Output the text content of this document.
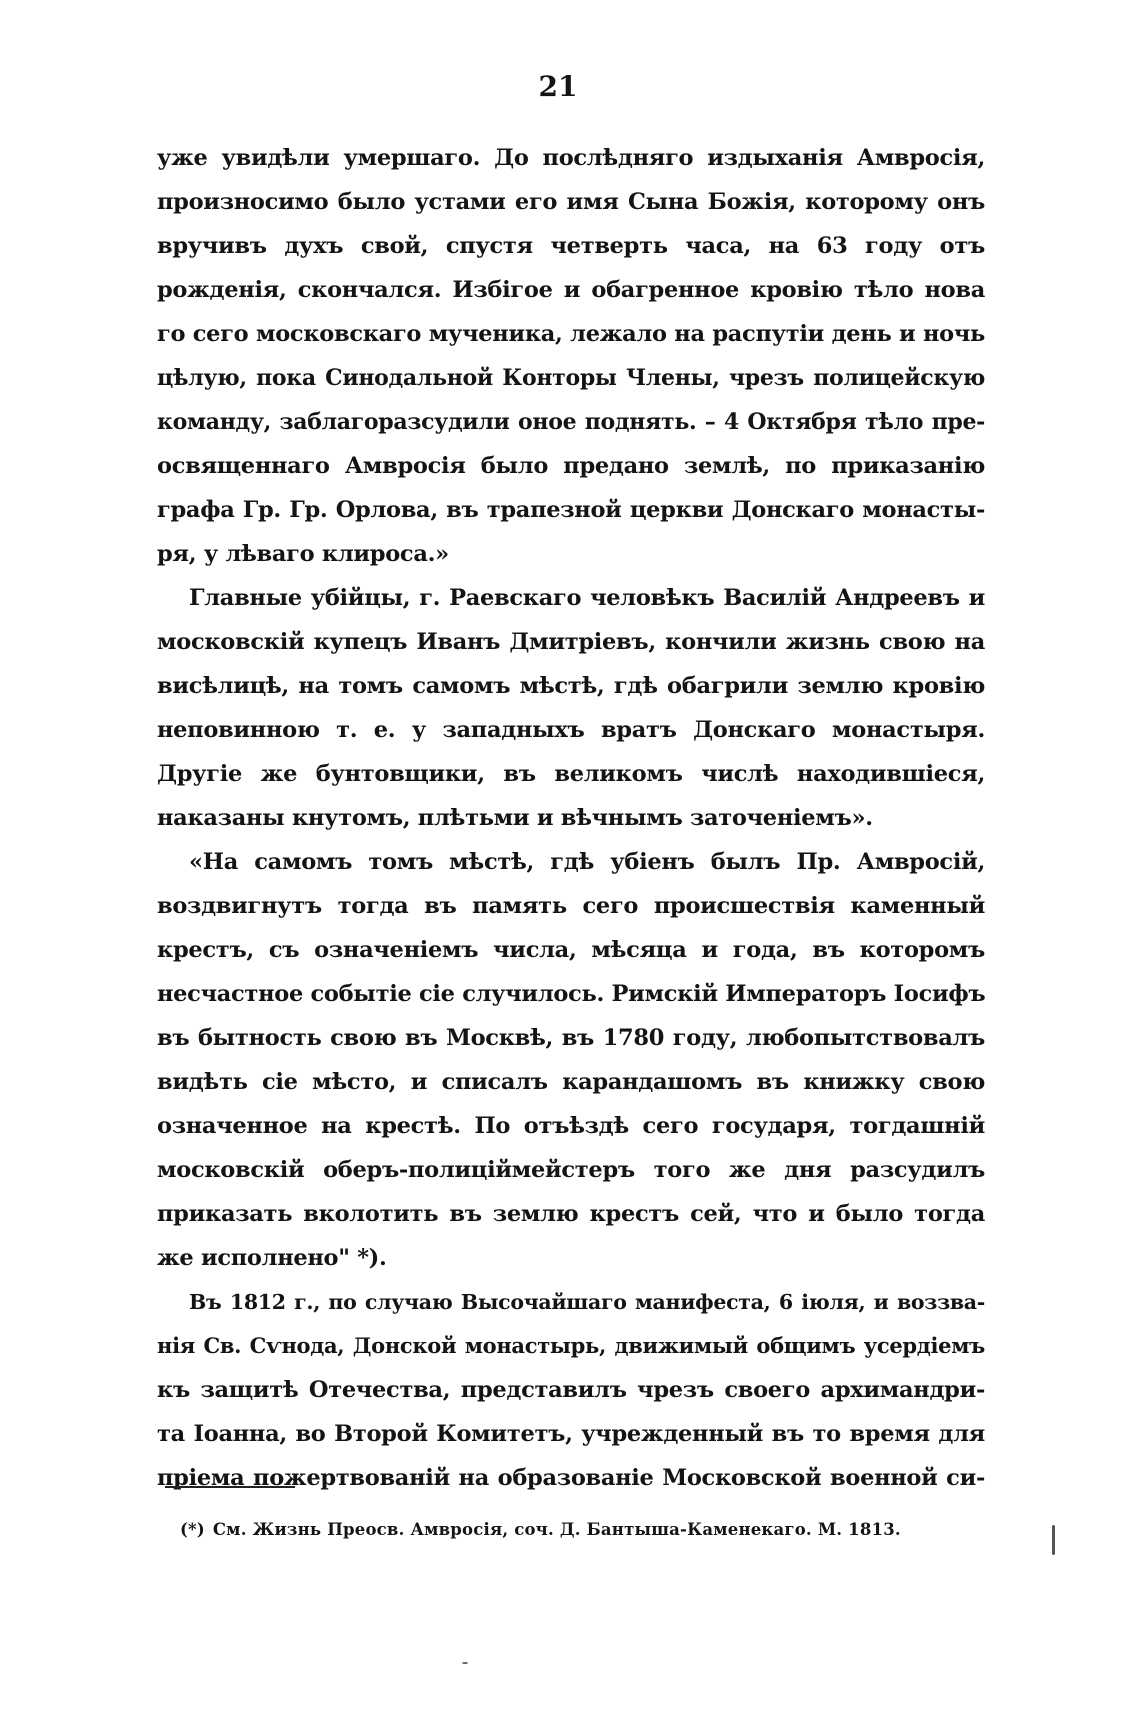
21
уже увидѣли умершаго. До послѣдняго издыханія Амвросія,
произносимо было устами его имя Сына Божія, которому онъ
вручивъ духъ свой, спустя четверть часа, на 63 году отъ
рожденія, скончался. Избiгое и обагренное кровію тѣло нова
го сего московскаго мученика, лежало на распутіи день и ночь
цѣлую, пока Синодальной Конторы Члены, чрезъ полицейскую
команду, заблагоразсудили оное поднять. – 4 Октября тѣло пре-
освященнаго Амвросія было предано землѣ, по приказанію
графа Гр. Гр. Орлова, въ трапезной церкви Донскаго монасты-
ря, у лѣваго клироса.»
Главные убійцы, г. Раевскаго человѣкъ Василій Андреевъ и
московскій купецъ Иванъ Дмитріевъ, кончили жизнь свою на
висѣлицѣ, на томъ самомъ мѣстѣ, гдѣ обагрили землю кровію
неповинною т. е. у западныхъ вратъ Донскаго монастыря.
Другіе же бунтовщики, въ великомъ числѣ находившіеся,
наказаны кнутомъ, плѣтьми и вѣчнымъ заточеніемъ».
«На самомъ томъ мѣстѣ, гдѣ убіенъ былъ Пр. Амвросій,
воздвигнутъ тогда въ память сего происшествія каменный
крестъ, съ означеніемъ числа, мѣсяца и года, въ которомъ
несчастное событіе сіе случилось. Римскій Императоръ Іосифъ
въ бытность свою въ Москвѣ, въ 1780 году, любопытствовалъ
видѣть сіе мѣсто, и списалъ карандашомъ въ книжку свою
означенное на крестѣ. По отъѣздѣ сего государя, тогдашній
московскій оберъ-полицiймейстеръ того же дня разсудилъ
приказать вколотить въ землю крестъ сей, что и было тогда
же исполнено" *).
Въ 1812 г., по случаю Высочайшаго манифеста, 6 іюля, и воззва-
нія Св. Сѵнода, Донской монастырь, движимый общимъ усердіемъ
къ защитѣ Отечества, представилъ чрезъ своего архимандри-
та Іоанна, во Второй Комитетъ, учрежденный въ то время для
пріема пожертвованій на образованіе Московской военной си-
(*) См. Жизнь Преосв. Амвросія, соч. Д. Бантыша-Каменекаго. М. 1813.
